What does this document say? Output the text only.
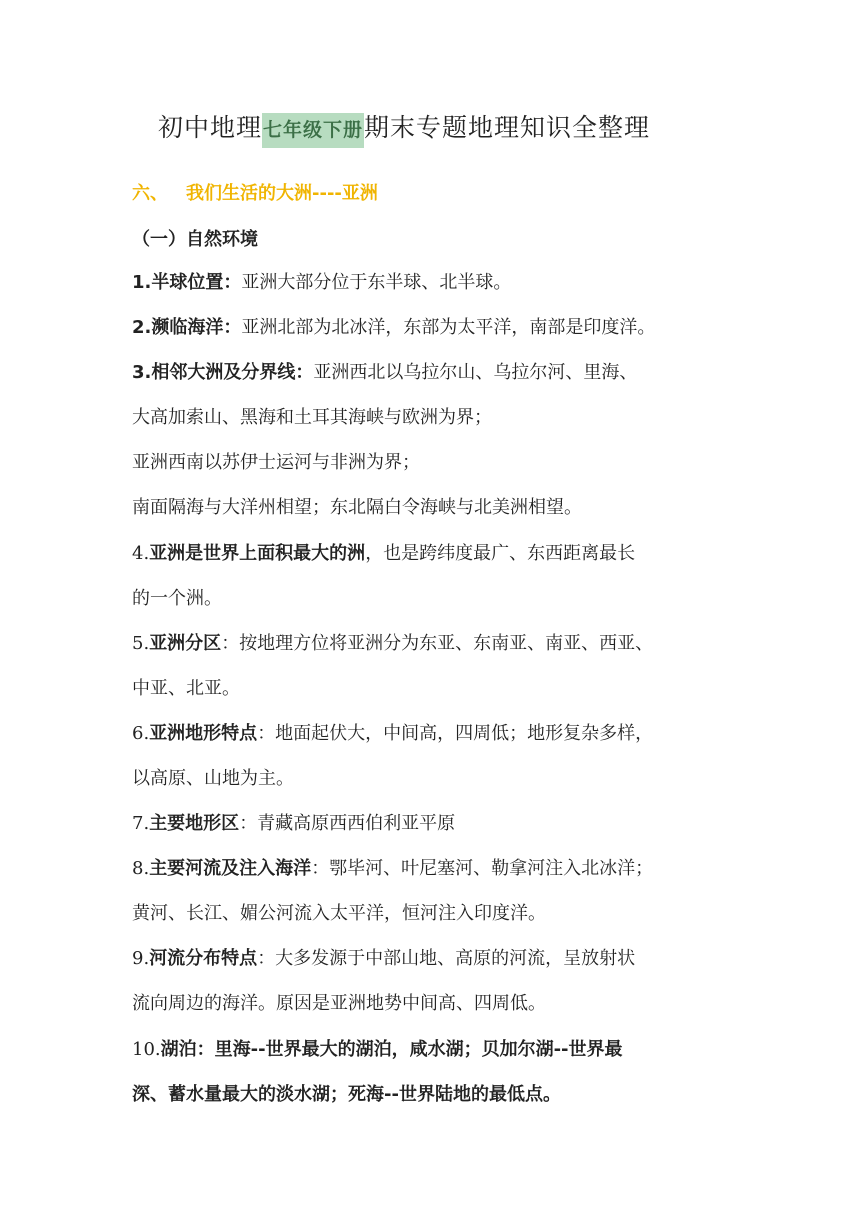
初中地理七年级下册期末专题地理知识全整理
六、 我们生活的大洲----亚洲
（一）自然环境
1.半球位置：亚洲大部分位于东半球、北半球。
2.濒临海洋：亚洲北部为北冰洋，东部为太平洋，南部是印度洋。
3.相邻大洲及分界线：亚洲西北以乌拉尔山、乌拉尔河、里海、
大高加索山、黑海和土耳其海峡与欧洲为界；
亚洲西南以苏伊士运河与非洲为界；
南面隔海与大洋州相望；东北隔白令海峡与北美洲相望。
4.亚洲是世界上面积最大的洲，也是跨纬度最广、东西距离最长
的一个洲。
5.亚洲分区：按地理方位将亚洲分为东亚、东南亚、南亚、西亚、
中亚、北亚。
6.亚洲地形特点：地面起伏大，中间高，四周低；地形复杂多样，
以高原、山地为主。
7.主要地形区：青藏高原西西伯利亚平原
8.主要河流及注入海洋：鄂毕河、叶尼塞河、勒拿河注入北冰洋；
黄河、长江、媚公河流入太平洋，恒河注入印度洋。
9.河流分布特点：大多发源于中部山地、高原的河流，呈放射状
流向周边的海洋。原因是亚洲地势中间高、四周低。
10.湖泊：里海--世界最大的湖泊，咸水湖；贝加尔湖--世界最
深、蓄水量最大的淡水湖；死海--世界陆地的最低点。
